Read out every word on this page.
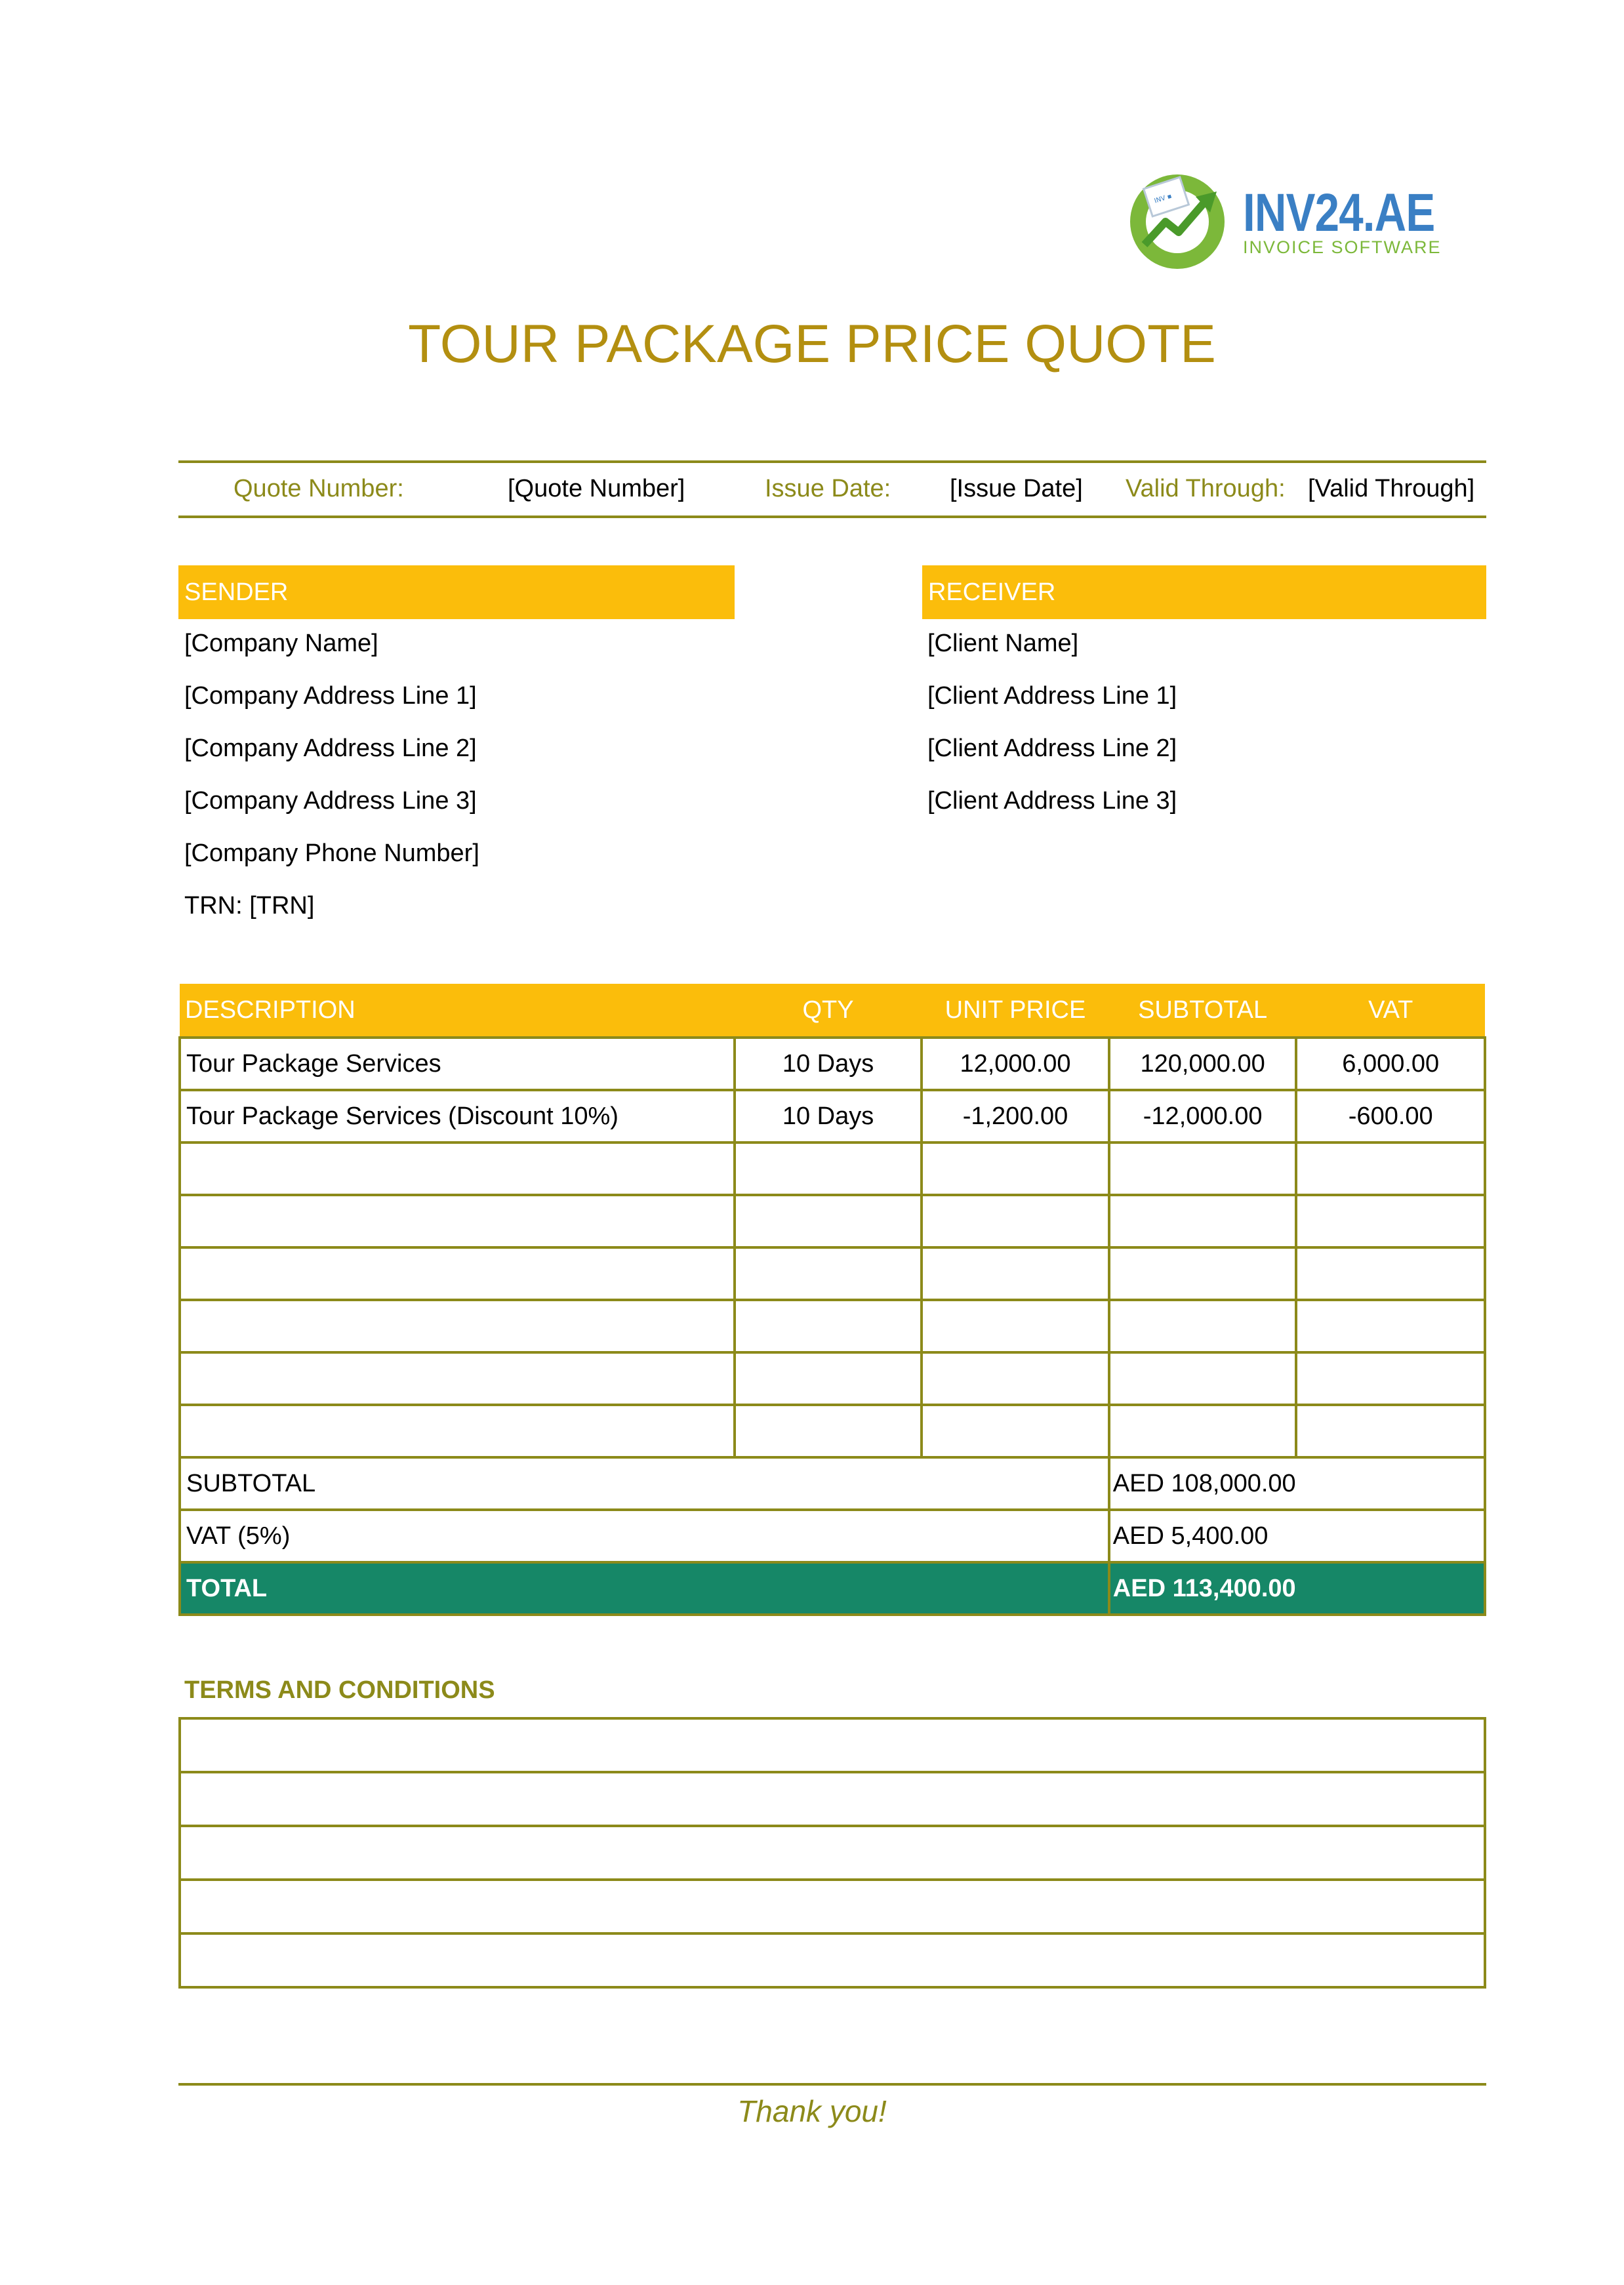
INV ▪ INV24.AE
INVOICE SOFTWARE
TOUR PACKAGE PRICE QUOTE
Quote Number:	[Quote Number]	Issue Date: [Issue Date] Valid Through: [Valid Through]
SENDER
[Company Name]
[Company Address Line 1]
[Company Address Line 2]
[Company Address Line 3]
[Company Phone Number]
TRN: [TRN]
RECEIVER
[Client Name]
[Client Address Line 1]
[Client Address Line 2]
[Client Address Line 3]
DESCRIPTION	QTY	UNIT PRICE	SUBTOTAL	VAT
Tour Package Services	10 Days	12,000.00	120,000.00	6,000.00
Tour Package Services (Discount 10%)	10 Days	-1,200.00	-12,000.00	-600.00

SUBTOTAL			AED 108,000.00	
VAT (5%)			AED 5,400.00	
TOTAL			AED 113,400.00	
TERMS AND CONDITIONS

Thank you!
